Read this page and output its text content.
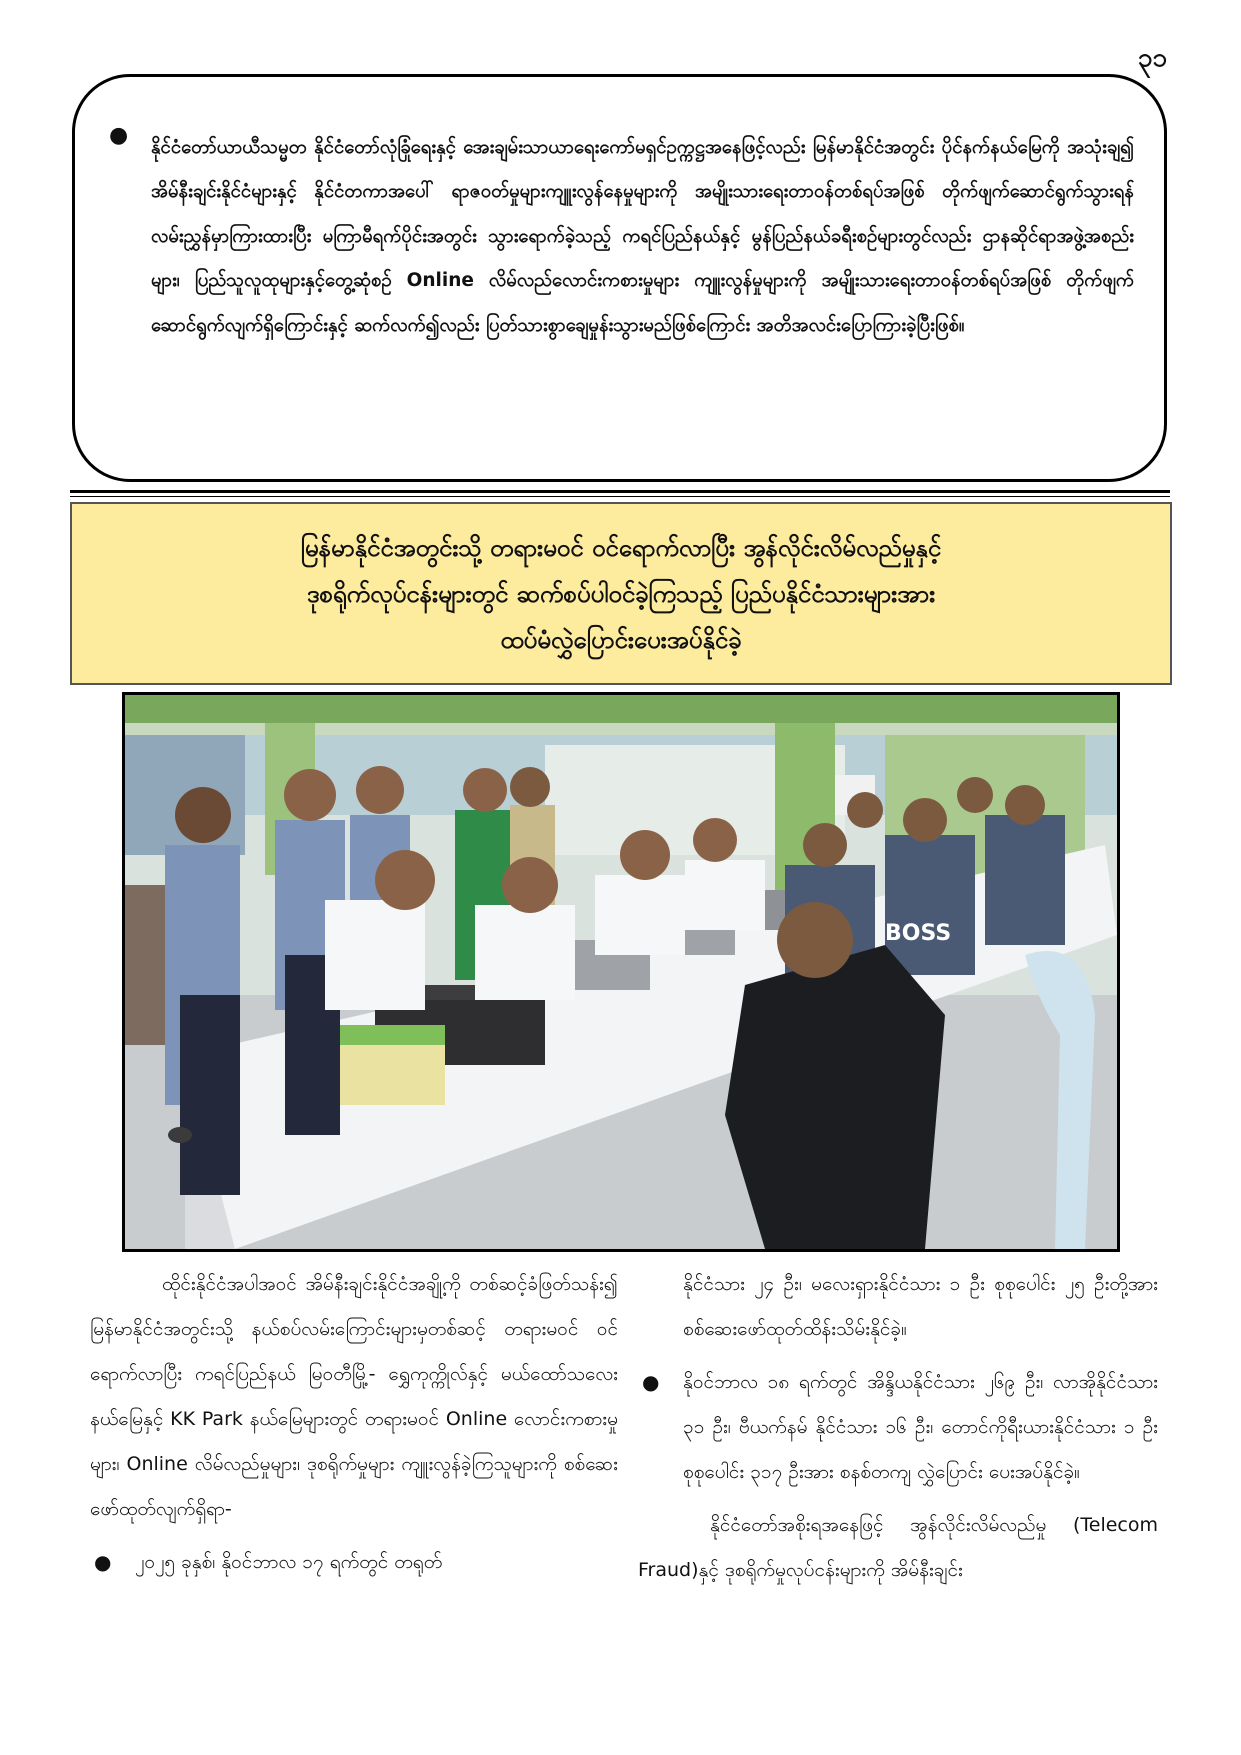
၃၁
● နိုင်ငံတော်ယာယီသမ္မတ နိုင်ငံတော်လုံခြုံရေးနှင့် အေးချမ်းသာယာရေးကော်မရှင်ဥက္ကဋ္ဌအနေဖြင့်လည်း မြန်မာနိုင်ငံအတွင်း ပိုင်နက်နယ်မြေကို အသုံးချ၍ အိမ်နီးချင်းနိုင်ငံများနှင့် နိုင်ငံတကာအပေါ် ရာဇဝတ်မှုများကျူးလွန်နေမှုများကို အမျိုးသားရေးတာဝန်တစ်ရပ်အဖြစ် တိုက်ဖျက်ဆောင်ရွက်သွားရန် လမ်းညွှန်မှာကြားထားပြီး မကြာမီရက်ပိုင်းအတွင်း သွားရောက်ခဲ့သည့် ကရင်ပြည်နယ်နှင့် မွန်ပြည်နယ်ခရီးစဉ်များတွင်လည်း ဌာနဆိုင်ရာအဖွဲ့အစည်းများ၊ ပြည်သူလူထုများနှင့်တွေ့ဆုံစဉ် Online လိမ်လည်လောင်းကစားမှုများ ကျူးလွန်မှုများကို အမျိုးသားရေးတာဝန်တစ်ရပ်အဖြစ် တိုက်ဖျက်ဆောင်ရွက်လျက်ရှိကြောင်းနှင့် ဆက်လက်၍လည်း ပြတ်သားစွာချေမှုန်းသွားမည်ဖြစ်ကြောင်း အတိအလင်းပြောကြားခဲ့ပြီးဖြစ်။

မြန်မာနိုင်ငံအတွင်းသို့ တရားမဝင် ဝင်ရောက်လာပြီး အွန်လိုင်းလိမ်လည်မှုနှင့်
ဒုစရိုက်လုပ်ငန်းများတွင် ဆက်စပ်ပါဝင်ခဲ့ကြသည့် ပြည်ပနိုင်ငံသားများအား
ထပ်မံလွှဲပြောင်းပေးအပ်နိုင်ခဲ့
BOSS

ထိုင်းနိုင်ငံအပါအဝင် အိမ်နီးချင်းနိုင်ငံအချို့ကို တစ်ဆင့်ခံဖြတ်သန်း၍ မြန်မာနိုင်ငံအတွင်းသို့ နယ်စပ်လမ်းကြောင်းများမှတစ်ဆင့် တရားမဝင် ဝင်ရောက်လာပြီး ကရင်ပြည်နယ် မြဝတီမြို့- ရွှေကုက္ကိုလ်နှင့် မယ်ထော်သလေးနယ်မြေနှင့် KK Park နယ်မြေများတွင် တရားမဝင် Online လောင်းကစားမှုများ၊ Online လိမ်လည်မှုများ၊ ဒုစရိုက်မှုများ ကျူးလွန်ခဲ့ကြသူများကို စစ်ဆေး ဖော်ထုတ်လျက်ရှိရာ-

● ၂၀၂၅ ခုနှစ်၊ နိုဝင်ဘာလ ၁၇ ရက်တွင် တရုတ်

နိုင်ငံသား ၂၄ ဦး၊ မလေးရှားနိုင်ငံသား ၁ ဦး စုစုပေါင်း ၂၅ ဦးတို့အား စစ်ဆေးဖော်ထုတ်ထိန်းသိမ်းနိုင်ခဲ့။

● နိုဝင်ဘာလ ၁၈ ရက်တွင် အိန္ဒိယနိုင်ငံသား ၂၆၉ ဦး၊ လာအိုနိုင်ငံသား ၃၁ ဦး၊ ဗီယက်နမ် နိုင်ငံသား ၁၆ ဦး၊ တောင်ကိုရီးယားနိုင်ငံသား ၁ ဦး စုစုပေါင်း ၃၁၇ ဦးအား စနစ်တကျ လွှဲပြောင်း ပေးအပ်နိုင်ခဲ့။

နိုင်ငံတော်အစိုးရအနေဖြင့် အွန်လိုင်းလိမ်လည်မှု (Telecom Fraud)နှင့် ဒုစရိုက်မှုလုပ်ငန်းများကို အိမ်နီးချင်း
